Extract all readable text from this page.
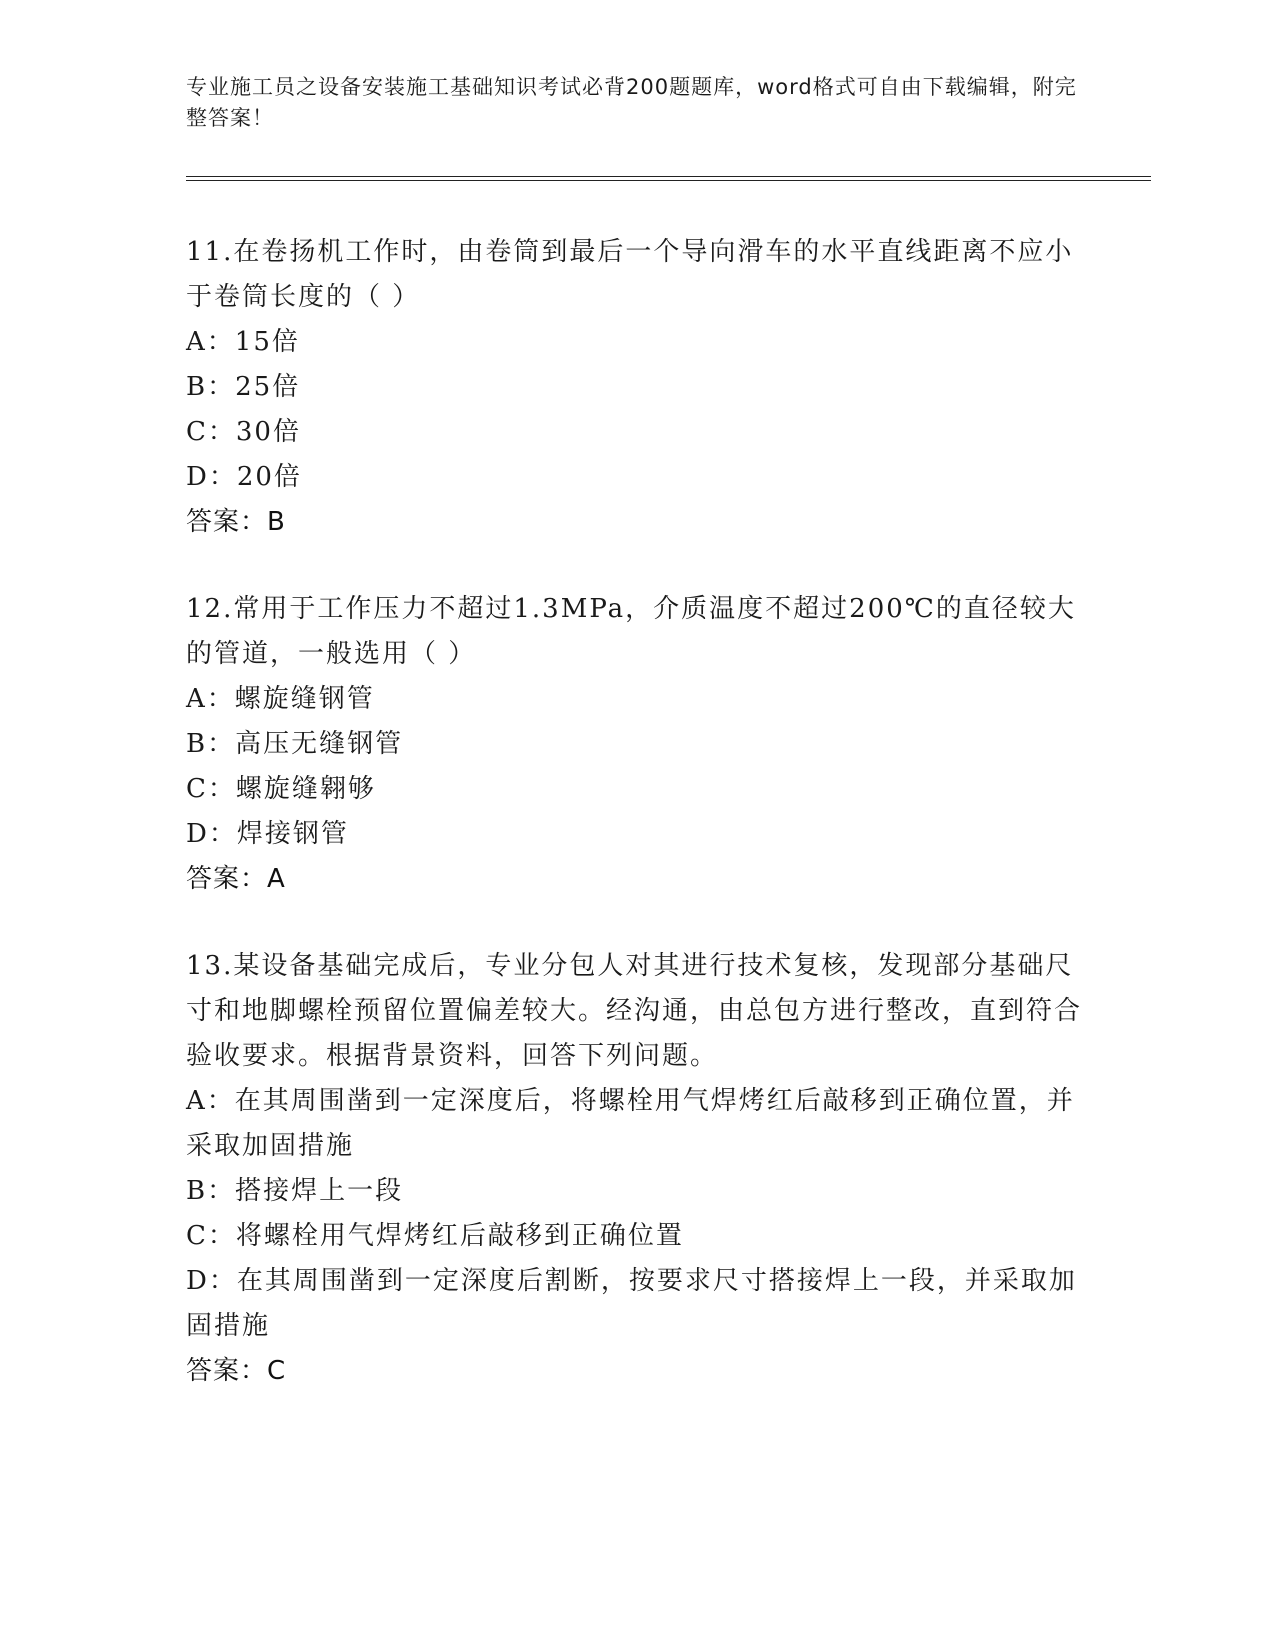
专业施工员之设备安装施工基础知识考试必背200题题库，word格式可自由下载编辑，附完整答案！
11.在卷扬机工作时，由卷筒到最后一个导向滑车的水平直线距离不应小于卷筒长度的（ ）
A：15倍
B：25倍
C：30倍
D：20倍
答案：B
12.常用于工作压力不超过1.3MPa，介质温度不超过200℃的直径较大的管道，一般选用（ ）
A：螺旋缝钢管
B：高压无缝钢管
C：螺旋缝翱够
D：焊接钢管
答案：A
13.某设备基础完成后，专业分包人对其进行技术复核，发现部分基础尺寸和地脚螺栓预留位置偏差较大。经沟通，由总包方进行整改，直到符合验收要求。根据背景资料，回答下列问题。
A：在其周围凿到一定深度后，将螺栓用气焊烤红后敲移到正确位置，并采取加固措施
B：搭接焊上一段
C：将螺栓用气焊烤红后敲移到正确位置
D：在其周围凿到一定深度后割断，按要求尺寸搭接焊上一段，并采取加固措施
答案：C
